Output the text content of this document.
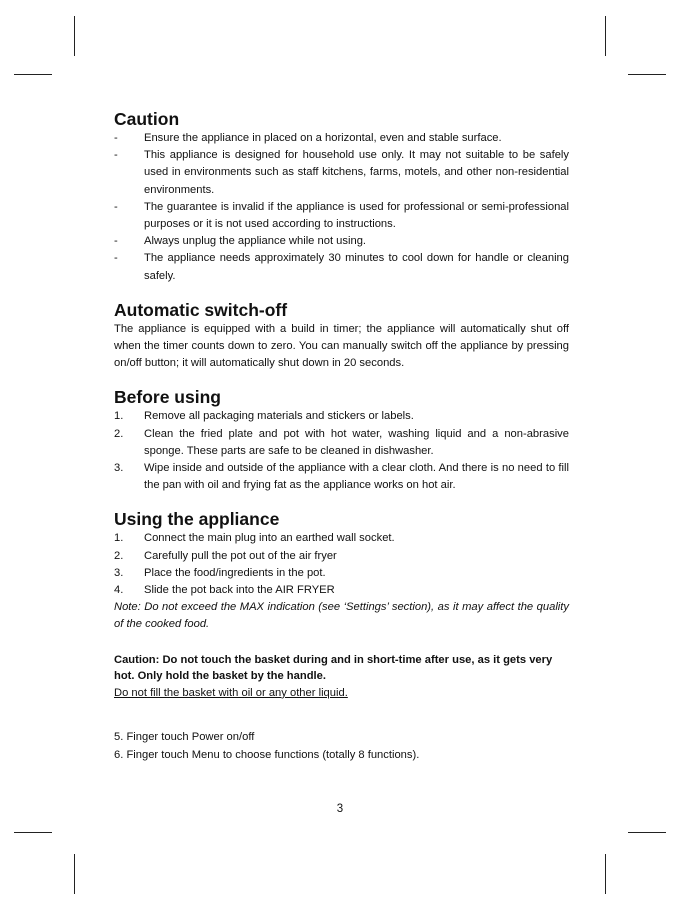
Caution
- Ensure the appliance in placed on a horizontal, even and stable surface.
- This appliance is designed for household use only. It may not suitable to be safely used in environments such as staff kitchens, farms, motels, and other non-residential environments.
- The guarantee is invalid if the appliance is used for professional or semi-professional purposes or it is not used according to instructions.
- Always unplug the appliance while not using.
- The appliance needs approximately 30 minutes to cool down for handle or cleaning safely.
Automatic switch-off

The appliance is equipped with a build in timer; the appliance will automatically shut off when the timer counts down to zero. You can manually switch off the appliance by pressing on/off button; it will automatically shut down in 20 seconds.

Before using
1. Remove all packaging materials and stickers or labels.
2. Clean the fried plate and pot with hot water, washing liquid and a non-abrasive sponge. These parts are safe to be cleaned in dishwasher.
3. Wipe inside and outside of the appliance with a clear cloth. And there is no need to fill the pan with oil and frying fat as the appliance works on hot air.
Using the appliance
1. Connect the main plug into an earthed wall socket.
2. Carefully pull the pot out of the air fryer
3. Place the food/ingredients in the pot.
4. Slide the pot back into the AIR FRYER

Note: Do not exceed the MAX indication (see ‘Settings’ section), as it may affect the quality of the cooked food.

Caution: Do not touch the basket during and in short-time after use, as it gets very hot. Only hold the basket by the handle.

Do not fill the basket with oil or any other liquid.

5. Finger touch Power on/off

6. Finger touch Menu to choose functions (totally 8 functions).

3
